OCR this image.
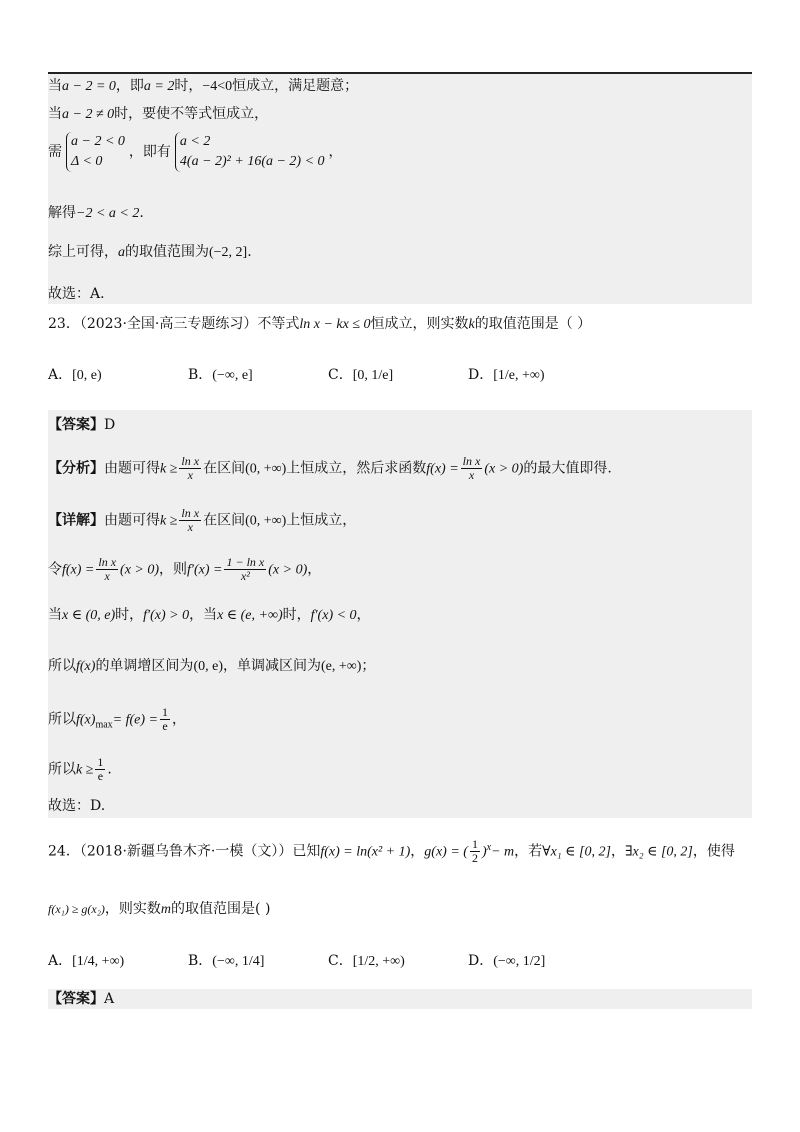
当a − 2 = 0，即a = 2时，−4<0恒成立，满足题意；
当a − 2 ≠ 0时，要使不等式恒成立，
需
a − 2 < 0
Δ < 0
，即有
a < 2
4(a − 2)² + 16(a − 2) < 0
，
解得−2 < a < 2.
综上可得，a的取值范围为(−2, 2].
故选：A.
23．（2023·全国·高三专题练习）不等式ln x − kx ≤ 0恒成立，则实数k的取值范围是（ ）
A．[0, e)	B．(−∞, e]	C．[0, 1/e]	D．[1/e, +∞)
【答案】D
【分析】由题可得$k \ge \frac{\text{ln x}}{x}$ 在区间(0, +∞)上恒成立，然后求函数$f(x) = \frac{\text{ln x}}{x} (x > 0)$的最大值即得.
【详解】由题可得$k \ge \frac{\text{ln x}}{x}$ 在区间(0, +∞)上恒成立，
令$f(x) = \frac{\text{ln x}}{x} (x > 0)$，则$f'(x) = \frac{\text{1 − ln x}}{\text{x²}} (x > 0)$，
当x ∈ (0, e)时，f′(x) > 0，当x ∈ (e, +∞)时，f′(x) < 0，
所以f(x)的单调增区间为(0, e)，单调减区间为(e, +∞)；
所以$f(x)_{max}= f(e) = \frac{1}{e}$ ，
所以$k \ge \frac{1}{e}$ .
故选：D.
24．（2018·新疆乌鲁木齐·一模（文））已知f(x) = ln(x² + 1)，g(x) = ( $\frac{1}{2} )^x- m$，若∀x₁ ∈ [0, 2]，∃x₂ ∈ [0, 2]，使得
f(x₁) ≥ g(x₂)，则实数m的取值范围是( )
A．[1/4, +∞)	B．(−∞, 1/4]	C．[1/2, +∞)	D．(−∞, 1/2]
【答案】A
